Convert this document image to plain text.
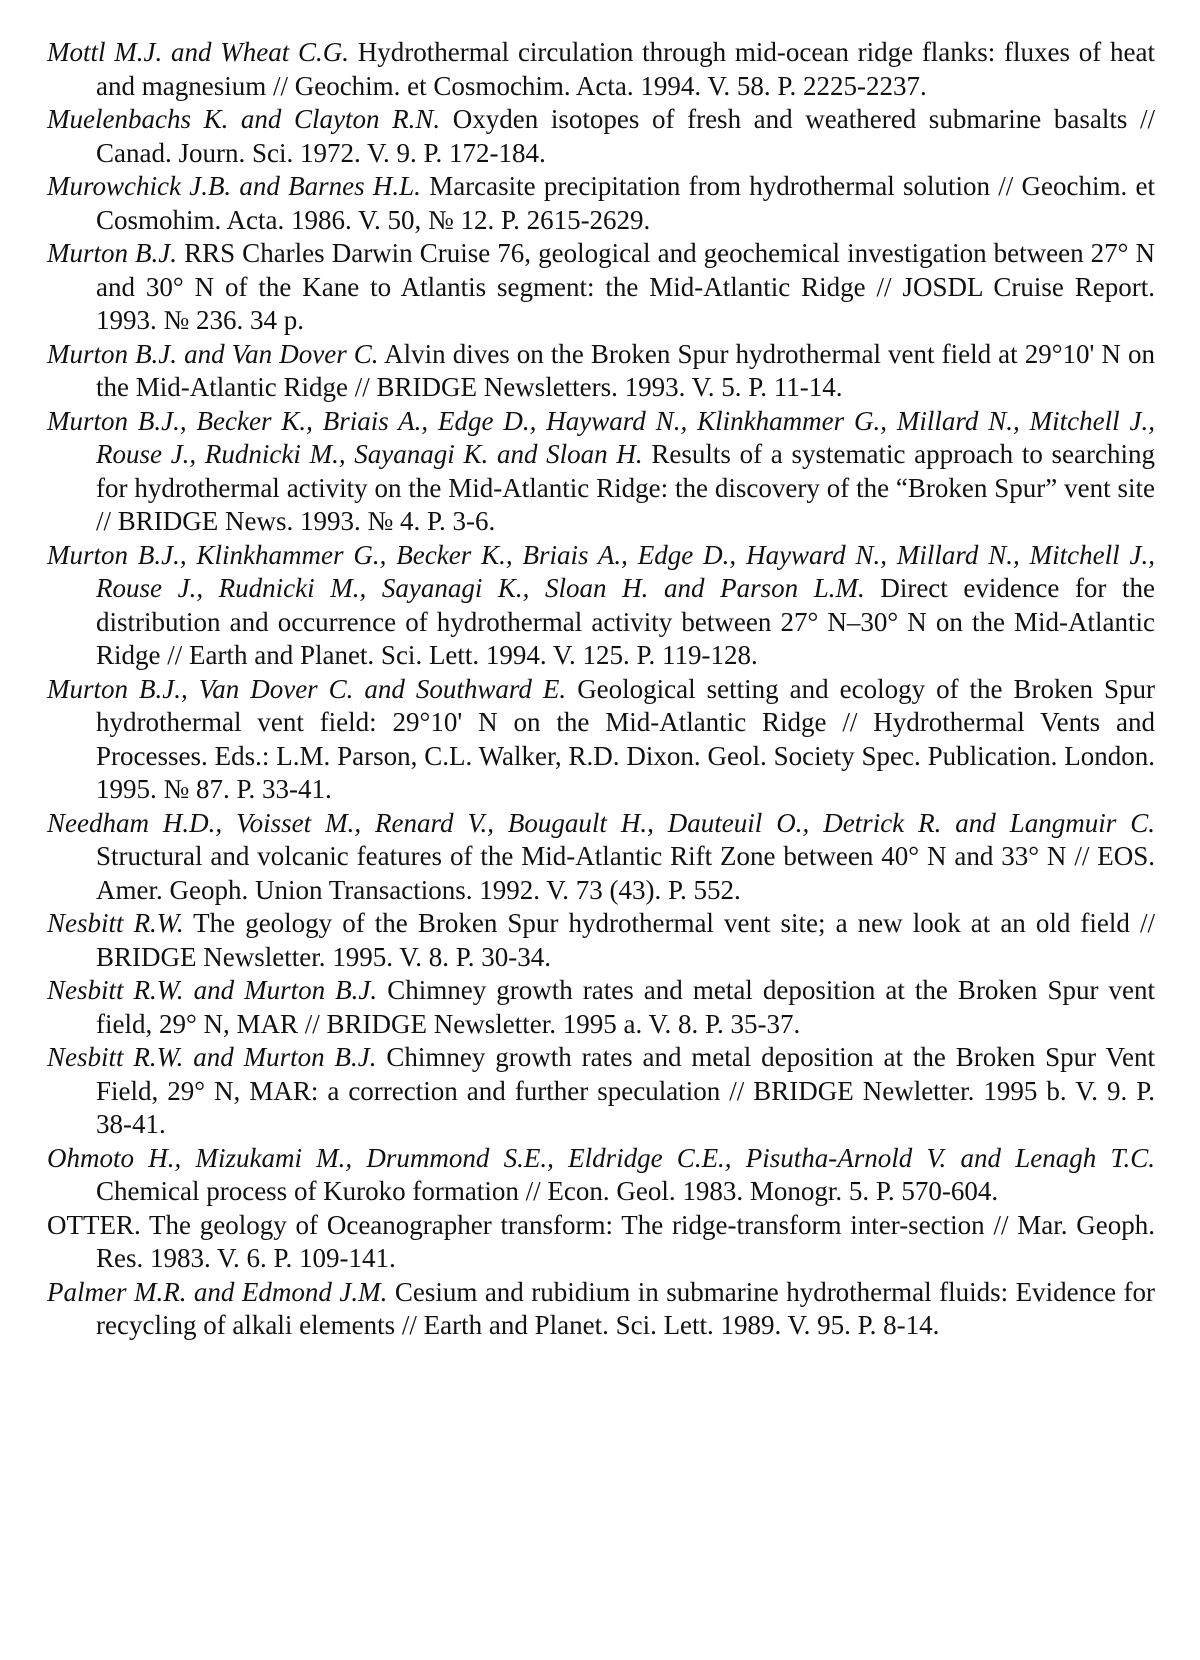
Mottl M.J. and Wheat C.G. Hydrothermal circulation through mid-ocean ridge flanks: fluxes of heat and magnesium // Geochim. et Cosmochim. Acta. 1994. V. 58. P. 2225-2237.

Muelenbachs K. and Clayton R.N. Oxyden isotopes of fresh and weathered submarine basalts // Canad. Journ. Sci. 1972. V. 9. P. 172-184.

Murowchick J.B. and Barnes H.L. Marcasite precipitation from hydrothermal solution // Geochim. et Cosmohim. Acta. 1986. V. 50, № 12. P. 2615-2629.

Murton B.J. RRS Charles Darwin Cruise 76, geological and geochemical investigation between 27° N and 30° N of the Kane to Atlantis segment: the Mid-Atlantic Ridge // JOSDL Cruise Report. 1993. № 236. 34 p.

Murton B.J. and Van Dover C. Alvin dives on the Broken Spur hydrothermal vent field at 29°10' N on the Mid-Atlantic Ridge // BRIDGE Newsletters. 1993. V. 5. P. 11-14.

Murton B.J., Becker K., Briais A., Edge D., Hayward N., Klinkhammer G., Millard N., Mitchell J., Rouse J., Rudnicki M., Sayanagi K. and Sloan H. Results of a systematic approach to searching for hydrothermal activity on the Mid-Atlantic Ridge: the discovery of the “Broken Spur” vent site // BRIDGE News. 1993. № 4. P. 3-6.

Murton B.J., Klinkhammer G., Becker K., Briais A., Edge D., Hayward N., Millard N., Mitchell J., Rouse J., Rudnicki M., Sayanagi K., Sloan H. and Parson L.M. Direct evidence for the distribution and occurrence of hydrothermal activity between 27° N–30° N on the Mid-Atlantic Ridge // Earth and Planet. Sci. Lett. 1994. V. 125. P. 119-128.

Murton B.J., Van Dover C. and Southward E. Geological setting and ecology of the Broken Spur hydrothermal vent field: 29°10' N on the Mid-Atlantic Ridge // Hydrothermal Vents and Processes. Eds.: L.M. Parson, C.L. Walker, R.D. Dixon. Geol. Society Spec. Publication. London. 1995. № 87. P. 33-41.

Needham H.D., Voisset M., Renard V., Bougault H., Dauteuil O., Detrick R. and Langmuir C. Structural and volcanic features of the Mid-Atlantic Rift Zone between 40° N and 33° N // EOS. Amer. Geoph. Union Transactions. 1992. V. 73 (43). P. 552.

Nesbitt R.W. The geology of the Broken Spur hydrothermal vent site; a new look at an old field // BRIDGE Newsletter. 1995. V. 8. P. 30-34.

Nesbitt R.W. and Murton B.J. Chimney growth rates and metal deposition at the Broken Spur vent field, 29° N, MAR // BRIDGE Newsletter. 1995 a. V. 8. P. 35-37.

Nesbitt R.W. and Murton B.J. Chimney growth rates and metal deposition at the Broken Spur Vent Field, 29° N, MAR: a correction and further speculation // BRIDGE Newletter. 1995 b. V. 9. P. 38-41.

Ohmoto H., Mizukami M., Drummond S.E., Eldridge C.E., Pisutha-Arnold V. and Lenagh T.C. Chemical process of Kuroko formation // Econ. Geol. 1983. Monogr. 5. P. 570-604.

OTTER. The geology of Oceanographer transform: The ridge-transform inter-section // Mar. Geoph. Res. 1983. V. 6. P. 109-141.

Palmer M.R. and Edmond J.M. Cesium and rubidium in submarine hydrothermal fluids: Evidence for recycling of alkali elements // Earth and Planet. Sci. Lett. 1989. V. 95. P. 8-14.
